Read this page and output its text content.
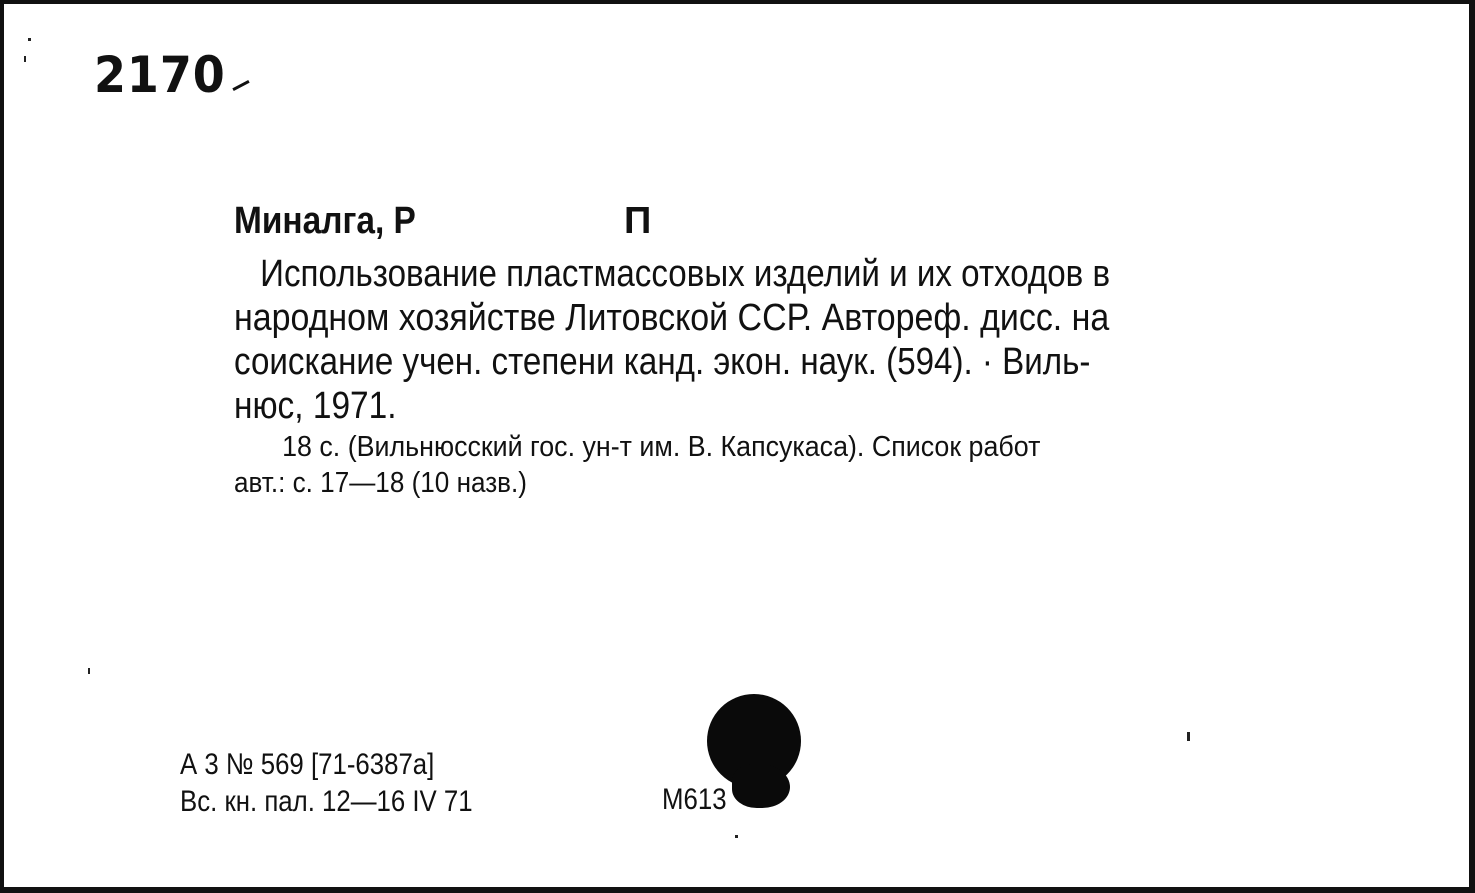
2170
Миналга, Р	П
Использование пластмассовых изделий и их отходов в
народном хозяйстве Литовской ССР. Автореф. дисс. на
соискание учен. степени канд. экон. наук. (594). · Виль-
нюс, 1971.
18 с. (Вильнюсский гос. ун-т им. В. Капсукаса). Список работ
авт.: с. 17—18 (10 назв.)
А 3 № 569 [71-6387а]
Вс. кн. пал. 12—16 IV 71	М613
